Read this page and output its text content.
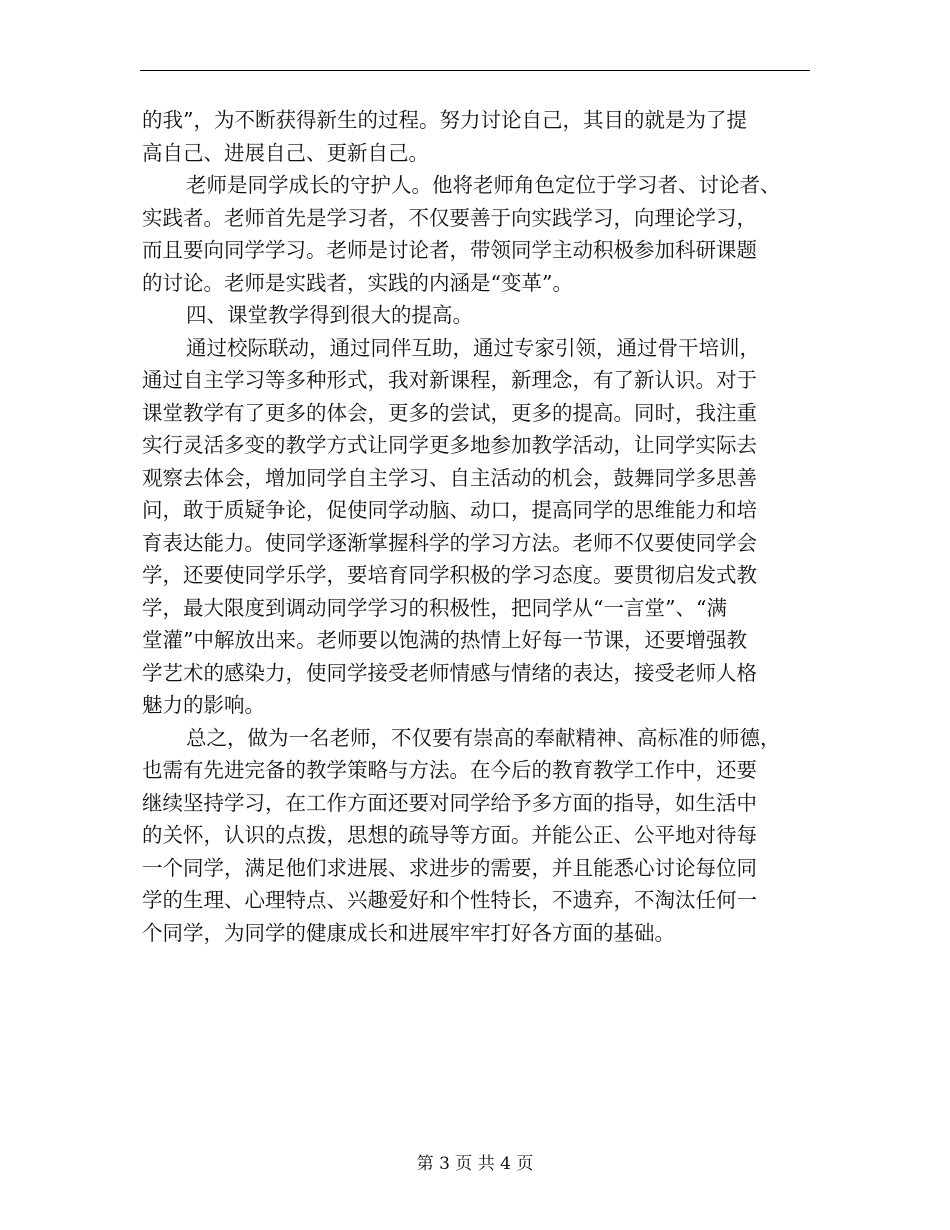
的我”，为不断获得新生的过程。努力讨论自己，其目的就是为了提
高自己、进展自己、更新自己。
老师是同学成长的守护人。他将老师角色定位于学习者、讨论者、
实践者。老师首先是学习者，不仅要善于向实践学习，向理论学习，
而且要向同学学习。老师是讨论者，带领同学主动积极参加科研课题
的讨论。老师是实践者，实践的内涵是“变革”。
四、课堂教学得到很大的提高。
通过校际联动，通过同伴互助，通过专家引领，通过骨干培训，
通过自主学习等多种形式，我对新课程，新理念，有了新认识。对于
课堂教学有了更多的体会，更多的尝试，更多的提高。同时，我注重
实行灵活多变的教学方式让同学更多地参加教学活动，让同学实际去
观察去体会，增加同学自主学习、自主活动的机会，鼓舞同学多思善
问，敢于质疑争论，促使同学动脑、动口，提高同学的思维能力和培
育表达能力。使同学逐渐掌握科学的学习方法。老师不仅要使同学会
学，还要使同学乐学，要培育同学积极的学习态度。要贯彻启发式教
学，最大限度到调动同学学习的积极性，把同学从“一言堂”、“满
堂灌”中解放出来。老师要以饱满的热情上好每一节课，还要增强教
学艺术的感染力，使同学接受老师情感与情绪的表达，接受老师人格
魅力的影响。
总之，做为一名老师，不仅要有崇高的奉献精神、高标准的师德，
也需有先进完备的教学策略与方法。在今后的教育教学工作中，还要
继续坚持学习，在工作方面还要对同学给予多方面的指导，如生活中
的关怀，认识的点拨，思想的疏导等方面。并能公正、公平地对待每
一个同学，满足他们求进展、求进步的需要，并且能悉心讨论每位同
学的生理、心理特点、兴趣爱好和个性特长，不遗弃，不淘汰任何一
个同学，为同学的健康成长和进展牢牢打好各方面的基础。
第 3 页 共 4 页
